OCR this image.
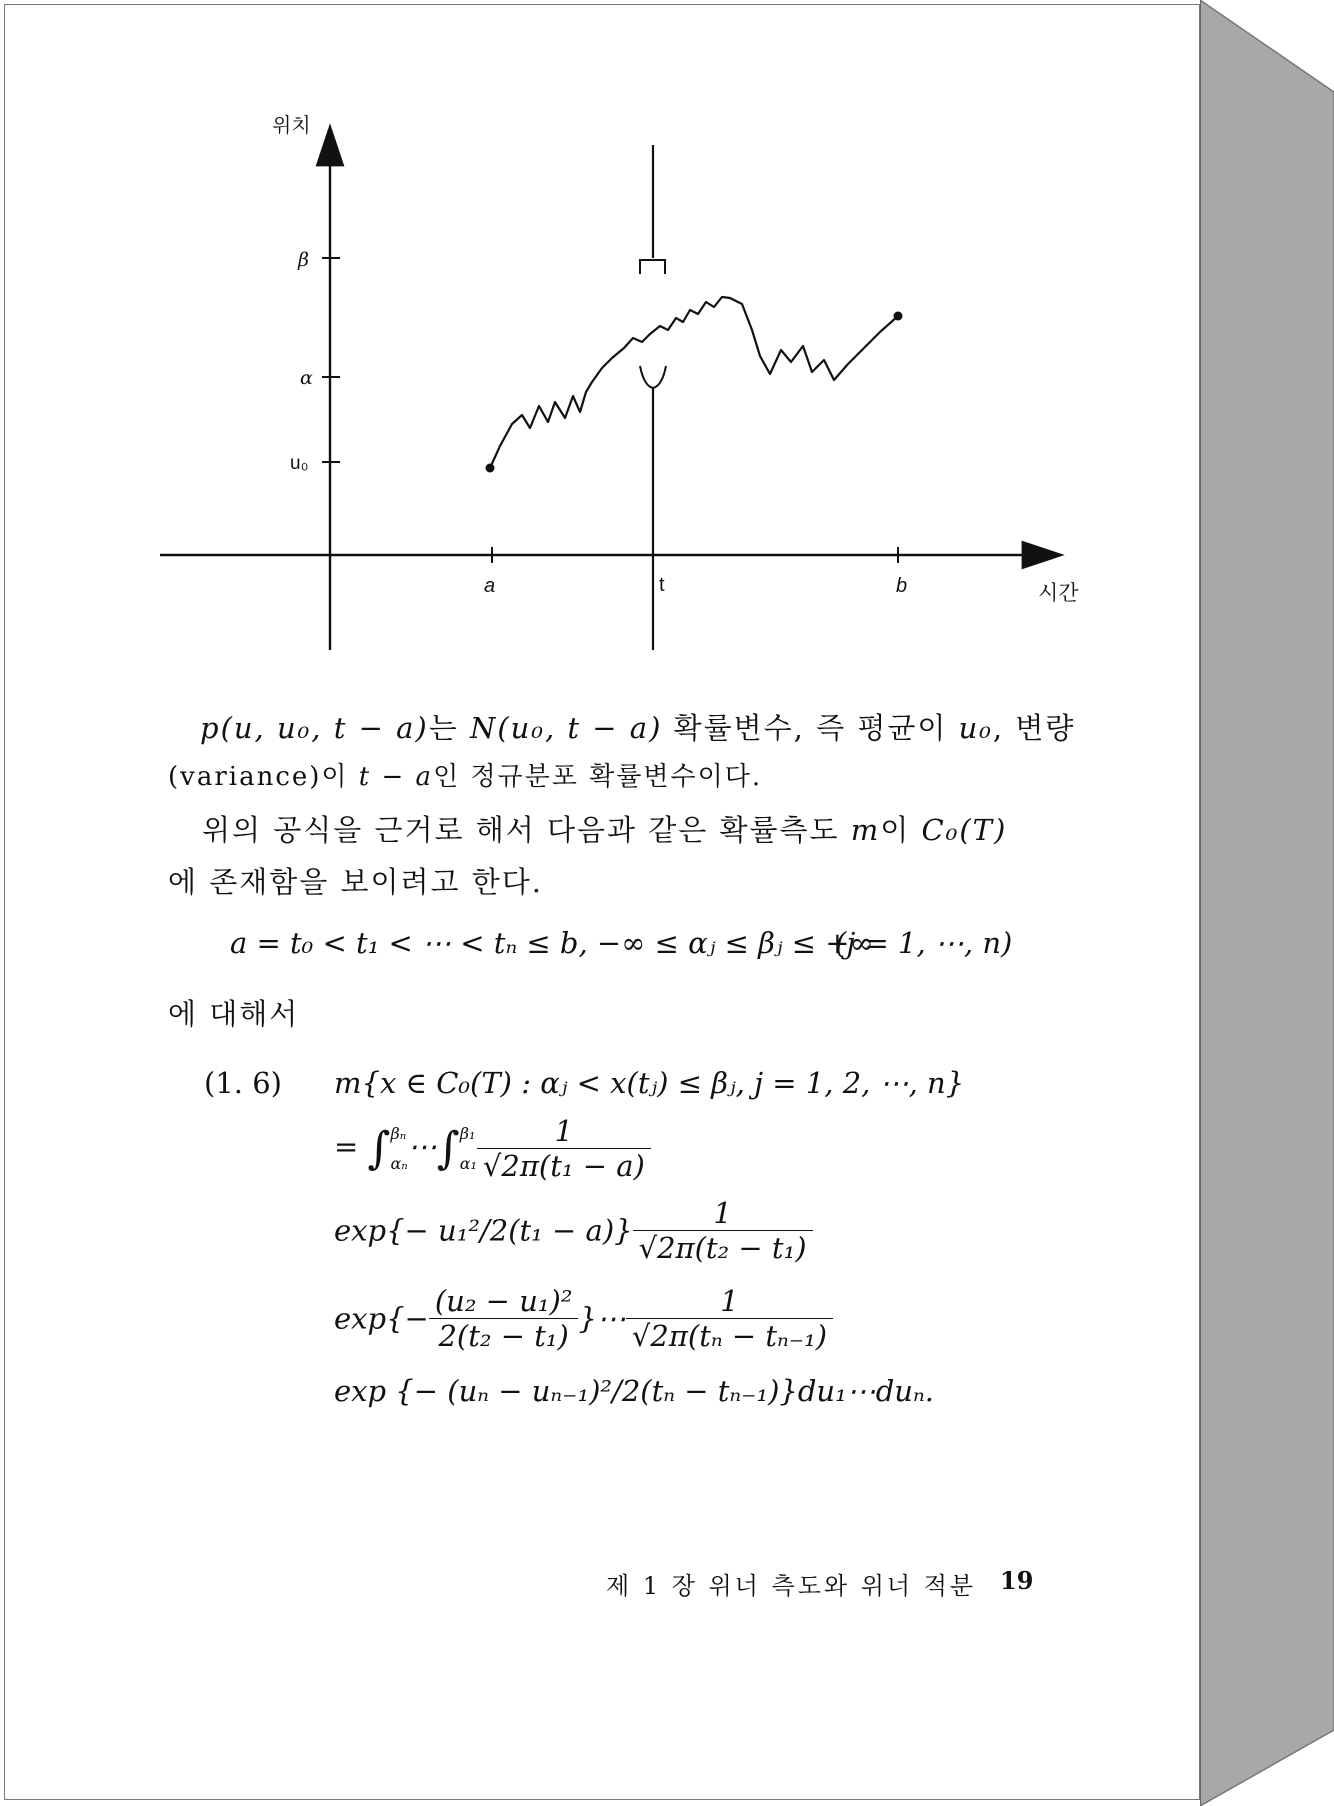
위치
시간
β
α
u₀
a	t	b
p(u, u₀, t − a)는 N(u₀, t − a) 확률변수, 즉 평균이 u₀, 변량
(variance)이 t − a인 정규분포 확률변수이다.
위의 공식을 근거로 해서 다음과 같은 확률측도 m이 C₀(T)
에 존재함을 보이려고 한다.
a = t₀ < t₁ < ⋯ < tₙ ≤ b, −∞ ≤ αⱼ ≤ βⱼ ≤ +∞
(j = 1, ⋯, n)
에 대해서
(1. 6) m{x ∈ C₀(T) : αⱼ < x(tⱼ) ≤ βⱼ, j = 1, 2, ⋯, n}
= ∫ βₙ
αₙ ⋯∫ β₁
$\alpha_1 \frac{1}{\text{√2π(t₁ − a)}}$
$\exp\{- u_1^2/2(t_1 - a)\} \frac{1}{\text{√2π(t₂ − t₁)}}$
$\exp\{- \frac{\text{(u₂ − u₁)²}}{\text{2(t₂ − t₁)}}$ }⋯ $\frac{1}{\text{√2π(tₙ − tₙ₋₁)}}$
exp {− (uₙ − uₙ₋₁)²/2(tₙ − tₙ₋₁)}du₁⋯duₙ.
제 1 장 위너 측도와 위너 적분 19
